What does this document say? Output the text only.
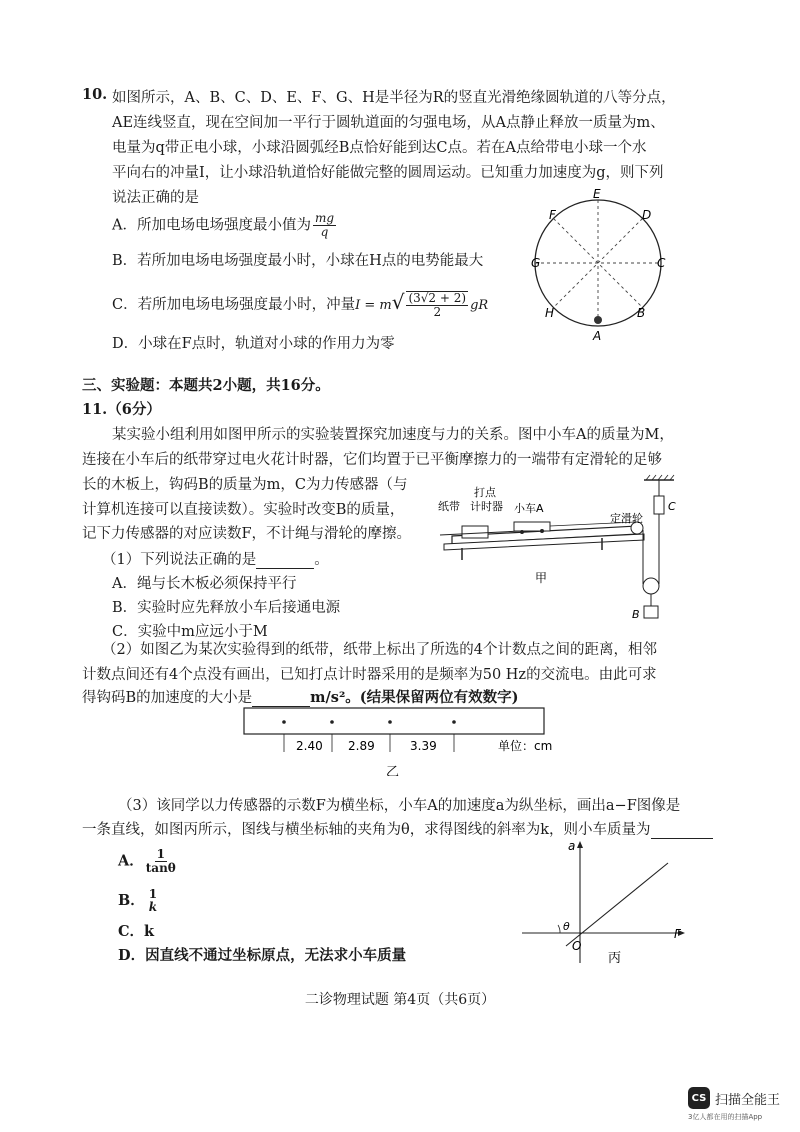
10. 如图所示，A、B、C、D、E、F、G、H是半径为R的竖直光滑绝缘圆轨道的八等分点，
AE连线竖直，现在空间加一平行于圆轨道面的匀强电场，从A点静止释放一质量为m、
电量为q带正电小球，小球沿圆弧经B点恰好能到达C点。若在A点给带电小球一个水
平向右的冲量I，让小球沿轨道恰好能做完整的圆周运动。已知重力加速度为g，则下列
说法正确的是
A．所加电场电场强度最小值为 $\frac{mg}{q}$
B．若所加电场电场强度最小时，小球在H点的电势能最大
C．若所加电场电场强度最小时，冲量$I = m√ \frac{(3√2 + 2)}{2}$ gR
D．小球在F点时，轨道对小球的作用力为零
E
D
C
B
A
H
G
F
三、实验题：本题共2小题，共16分。
11.（6分）
某实验小组利用如图甲所示的实验装置探究加速度与力的关系。图中小车A的质量为M，
连接在小车后的纸带穿过电火花计时器，它们均置于已平衡摩擦力的一端带有定滑轮的足够
长的木板上，钩码B的质量为m，C为力传感器（与
计算机连接可以直接读数）。实验时改变B的质量，
记下力传感器的对应读数F，不计绳与滑轮的摩擦。
（1）下列说法正确的是	。
A．绳与长木板必须保持平行
B．实验时应先释放小车后接通电源
C．实验中m应远小于M
纸带
打点
计时器 小车A
定滑轮
C
B
甲
（2）如图乙为某次实验得到的纸带，纸带上标出了所选的4个计数点之间的距离，相邻
计数点间还有4个点没有画出，已知打点计时器采用的是频率为50 Hz的交流电。由此可求
得钩码B的加速度的大小是	m/s²。(结果保留两位有效数字)
2.40 2.89	3.39	单位：cm
乙
（3）该同学以力传感器的示数F为横坐标，小车A的加速度a为纵坐标，画出a−F图像是
一条直线，如图丙所示，图线与横坐标轴的夹角为θ，求得图线的斜率为k，则小车质量为
A． $\frac{1}{\tan\theta}$
B． 1
k
C．k
D．因直线不通过坐标原点，无法求小车质量
a
F
O
θ
丙
二诊物理试题 第4页（共6页）
CS 扫描全能王
3亿人都在用的扫描App
